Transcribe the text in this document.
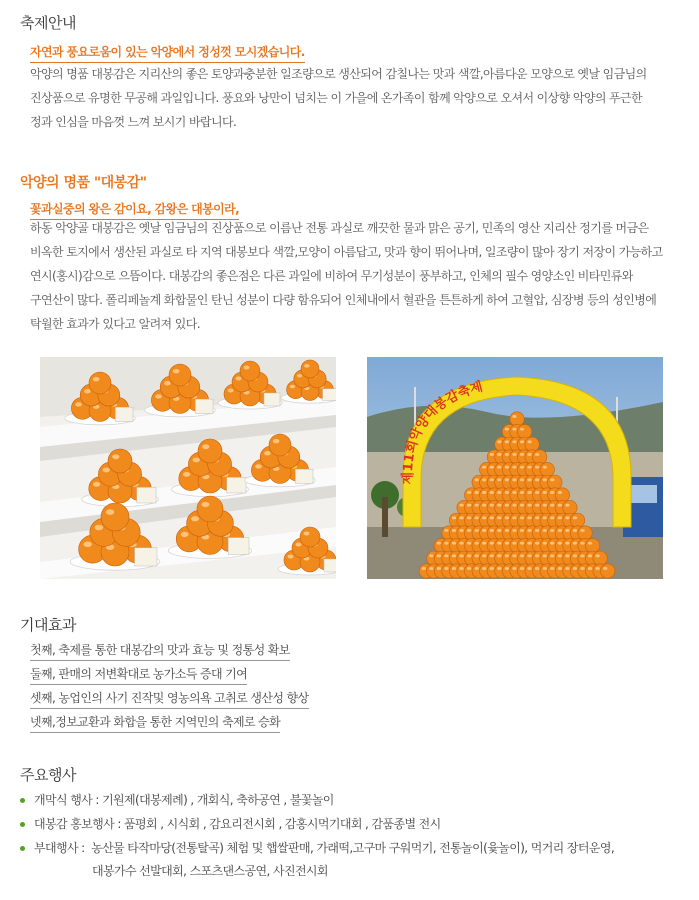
축제안내
자연과 풍요로움이 있는 악양에서 정성껏 모시겠습니다.
악양의 명품 대봉감은 지리산의 좋은 토양과충분한 일조량으로 생산되어 감칠나는 맛과 색깔,아름다운 모양으로 옛날 임금님의
진상품으로 유명한 무공해 과일입니다. 풍요와 낭만이 넘치는 이 가을에 온가족이 함께 악양으로 오셔서 이상향 악양의 푸근한
정과 인심을 마음껏 느껴 보시기 바랍니다.
악양의 명품 "대봉감"
꽃과실중의 왕은 감이요, 감왕은 대봉이라,
하동 악양골 대봉감은 옛날 임금님의 진상품으로 이름난 전통 과실로 깨끗한 물과 맑은 공기, 민족의 영산 지리산 정기를 머금은
비옥한 토지에서 생산된 과실로 타 지역 대봉보다 색깔,모양이 아름답고, 맛과 향이 뛰어나며, 일조량이 많아 장기 저장이 가능하고
연시(홍시)감으로 으뜸이다. 대봉감의 좋은점은 다른 과일에 비하여 무기성분이 풍부하고, 인체의 필수 영양소인 비타민류와
구연산이 많다. 폴리페놀계 화합물인 탄닌 성분이 다량 함유되어 인체내에서 혈관을 튼튼하게 하여 고혈압, 심장병 등의 성인병에
탁월한 효과가 있다고 알려져 있다.
제11회악양대봉감축제
기대효과
첫째, 축제를 통한 대봉감의 맛과 효능 및 정통성 확보
둘째, 판매의 저변확대로 농가소득 증대 기여
셋째, 농업인의 사기 진작및 영농의욕 고취로 생산성 향상
넷째,정보교환과 화합을 통한 지역민의 축제로 승화
주요행사
개막식 행사 : 기원제(대봉제례) , 개회식, 축하공연 , 불꽃놀이
대봉감 홍보행사 : 품평회 , 시식회 , 감요리전시회 , 감홍시먹기대회 , 감품종별 전시
부대행사 : 농산물 타작마당(전통탈곡) 체험 및 햅쌀판매, 가래떡,고구마 구워먹기, 전통놀이(윷놀이), 먹거리 장터운영,
대봉가수 선발대회, 스포츠댄스공연, 사진전시회
